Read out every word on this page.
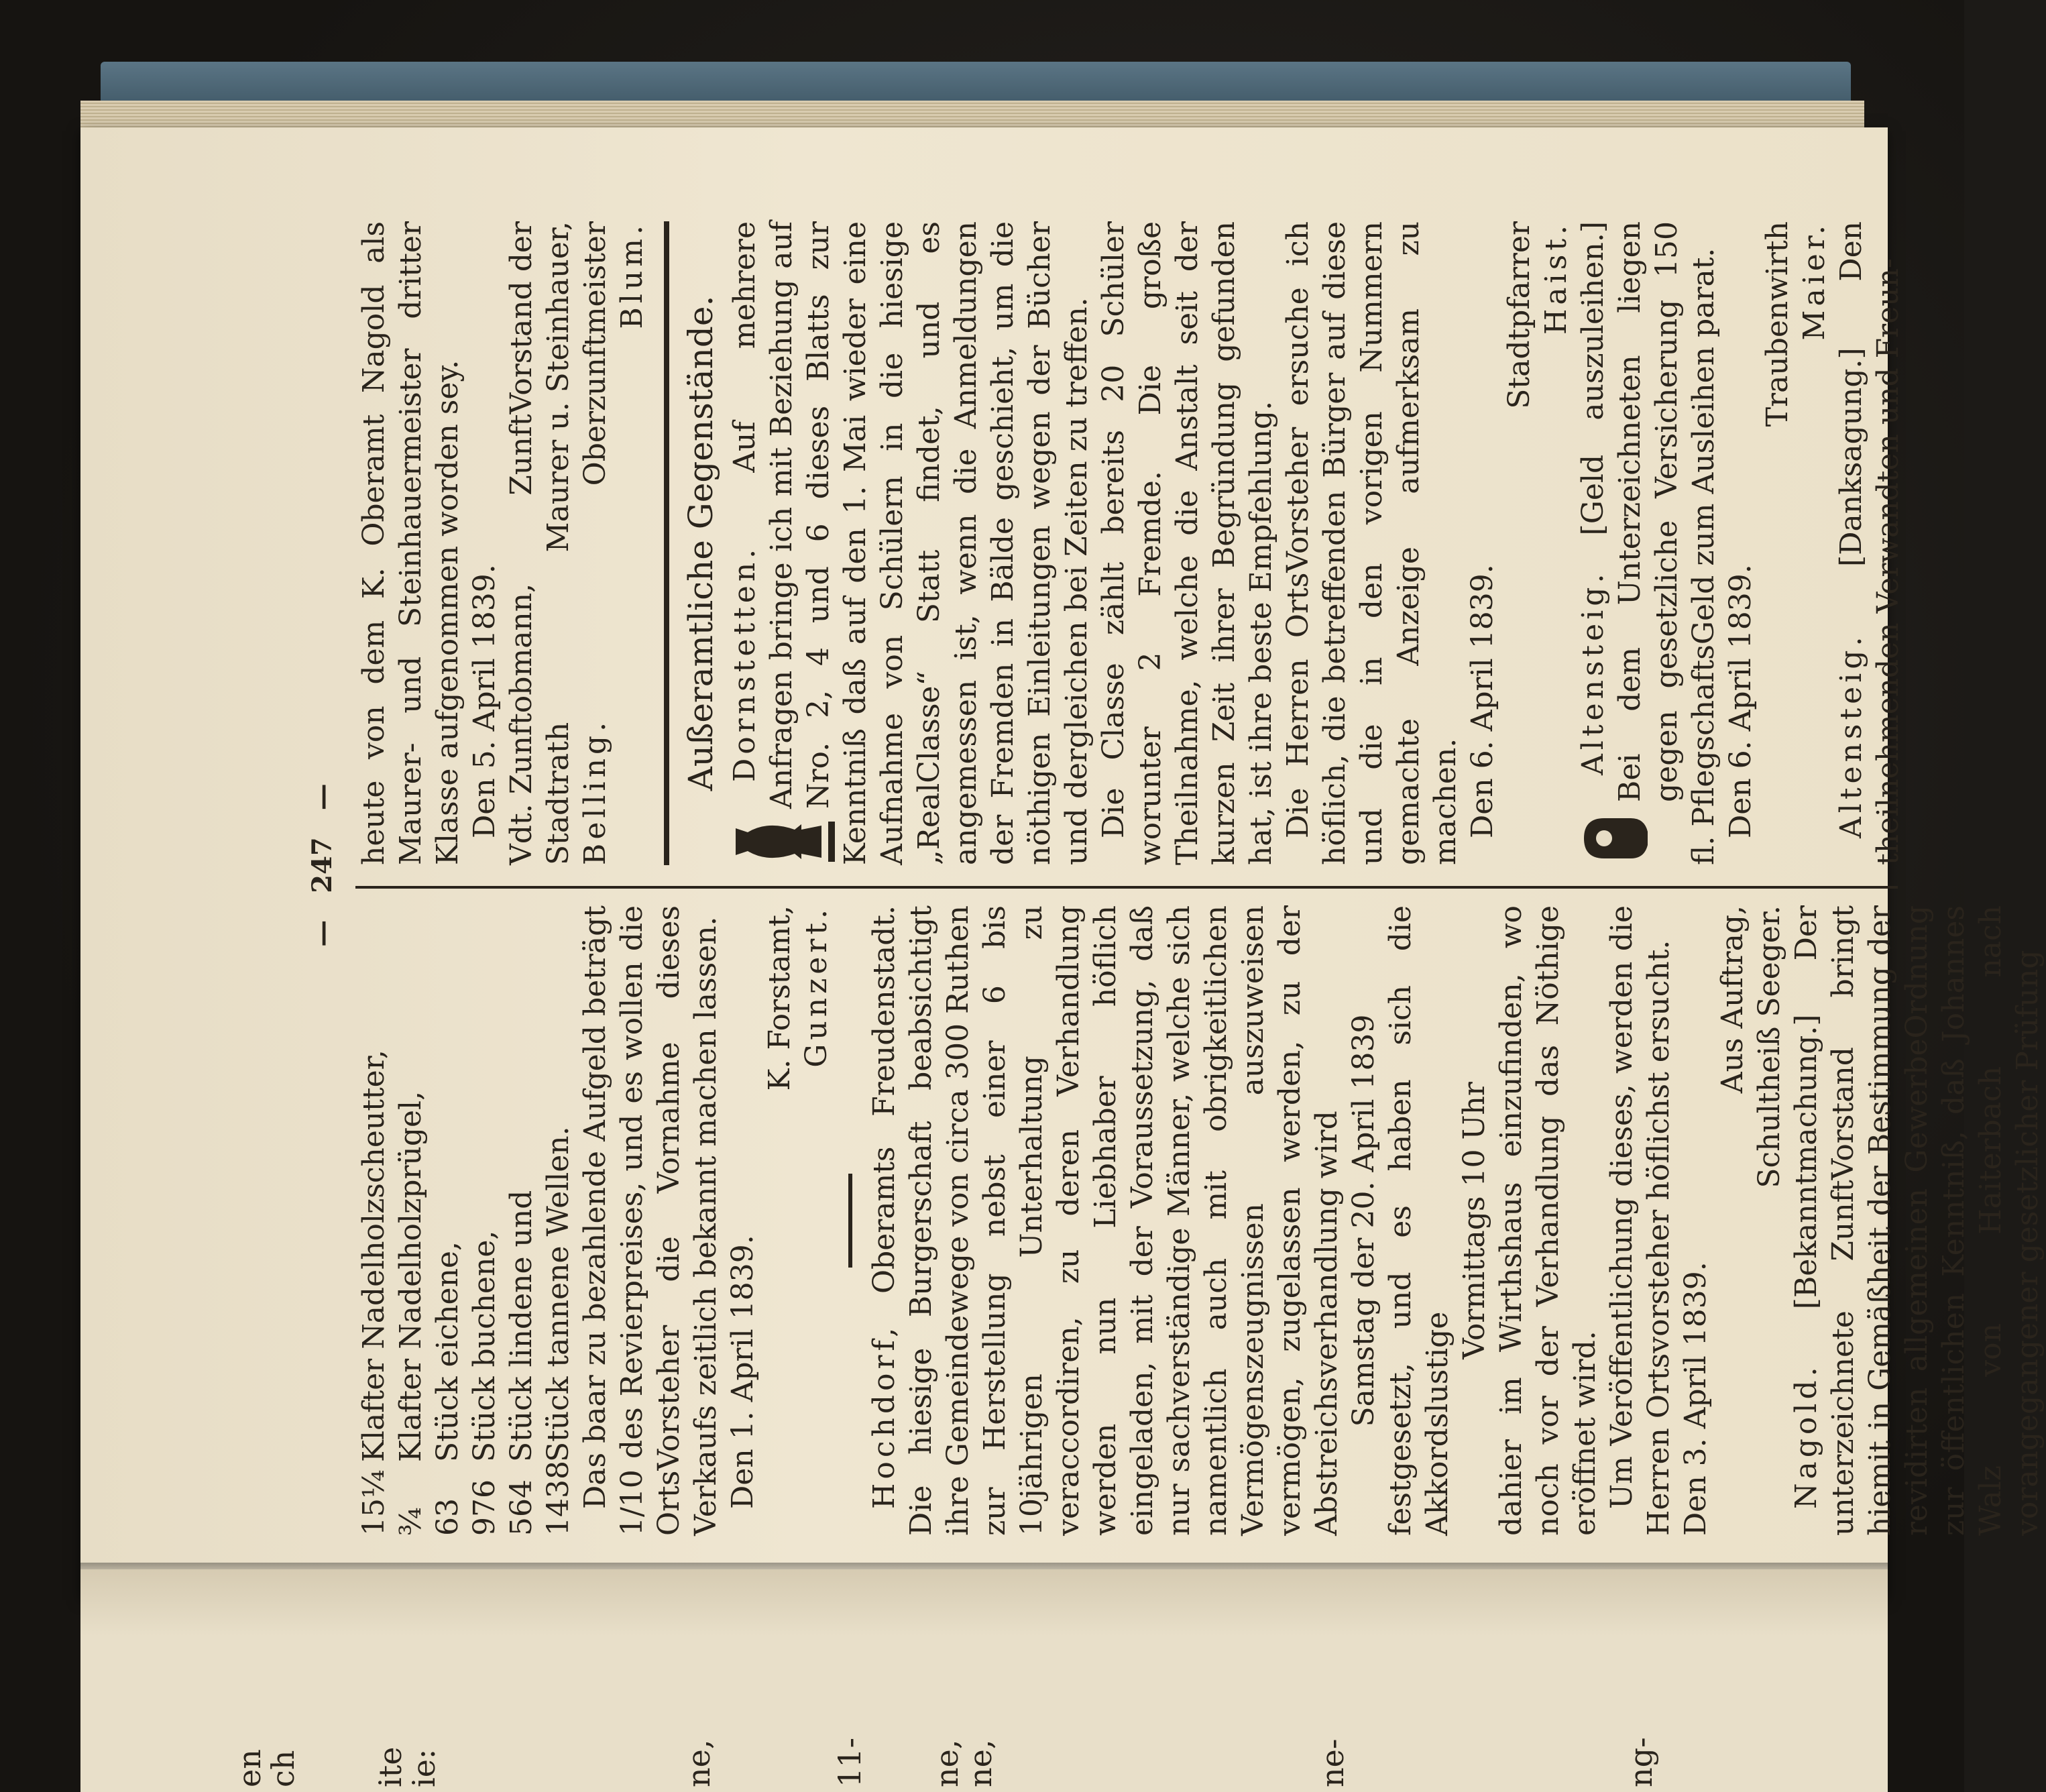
—
247
—
15¼
Klafter Nadelholzscheutter,
¾
Klafter Nadelholzprügel,
63
Stück eichene,
976
Stück buchene,
564
Stück lindene und
1438
Stück tannene Wellen. Das baar zu bezahlende Aufgeld beträgt 1/10 des Revierpreises, und es wollen die OrtsVorsteher die Vornahme dieses Verkaufs zeitlich bekannt machen lassen. Den 1. April 1839.

K. Forstamt, Gunzert.

Hochdorf, Oberamts Freudenstadt. Die hiesige Burgerschaft beabsichtigt ihre Gemeindewege von circa 300 Ruthen zur Herstellung nebst einer 6 bis 10jährigen Unterhaltung zu veraccordiren, zu deren Verhandlung werden nun Liebhaber höflich eingeladen, mit der Voraussetzung, daß nur sachverständige Männer, welche sich namentlich auch mit obrigkeitlichen Vermögenszeugnissen auszuweisen vermögen, zugelassen werden, zu der Abstreichsverhandlung wird Samstag der 20. April 1839 festgesetzt, und es haben sich die Akkordslustige

Vormittags 10 Uhr dahier im Wirthshaus einzufinden, wo noch vor der Verhandlung das Nöthige eröffnet wird. Um Veröffentlichung dieses, werden die Herren Ortsvorsteher höflichst ersucht. Den 3. April 1839.

Aus Auftrag, Schultheiß Seeger.

Nagold. [Bekanntmachung.] Der unterzeichnete ZunftVorstand bringt hiemit in Gemäßheit der Bestimmung der revidirten allgemeinen GewerbeOrdnung zur öffentlichen Kenntniß, daß Johannes Walz von Haiterbach nach vorangegangener gesetzlicher Prüfung

heute von dem K. Oberamt Nagold als Maurer- und Steinhauermeister dritter Klasse aufgenommen worden sey. Den 5. April 1839. Vdt. Zunftobmann, Stadtrath Belling.
ZunftVorstand der Maurer u. Steinhauer, Oberzunftmeister Blum.

Außeramtliche Gegenstände. Dornstetten. Auf mehrere Anfragen bringe ich mit Beziehung auf Nro. 2, 4 und 6 dieses Blatts zur Kenntniß daß auf den 1. Mai wieder eine Aufnahme von Schülern in die hiesige „RealClasse“ Statt findet, und es angemessen ist, wenn die Anmeldungen der Fremden in Bälde geschieht, um die nöthigen Einleitungen wegen der Bücher und dergleichen bei Zeiten zu treffen. Die Classe zählt bereits 20 Schüler worunter 2 Fremde. Die große Theilnahme, welche die Anstalt seit der kurzen Zeit ihrer Begründung gefunden hat, ist ihre beste Empfehlung. Die Herren OrtsVorsteher ersuche ich höflich, die betreffenden Bürger auf diese und die in den vorigen Nummern gemachte Anzeige aufmerksam zu machen. Den 6. April 1839.

Stadtpfarrer Haist.

Altensteig. [Geld auszuleihen.] Bei dem Unterzeichneten liegen gegen gesetzliche Versicherung 150 fl. PflegschaftsGeld zum Ausleihen parat. Den 6. April 1839.

Traubenwirth Maier.

Altensteig. [Danksagung.] Den theilnehmenden Verwandten und Freun-

en
ch ite
ie:	ne,	11- ne,
ne,	ne-	ng-
